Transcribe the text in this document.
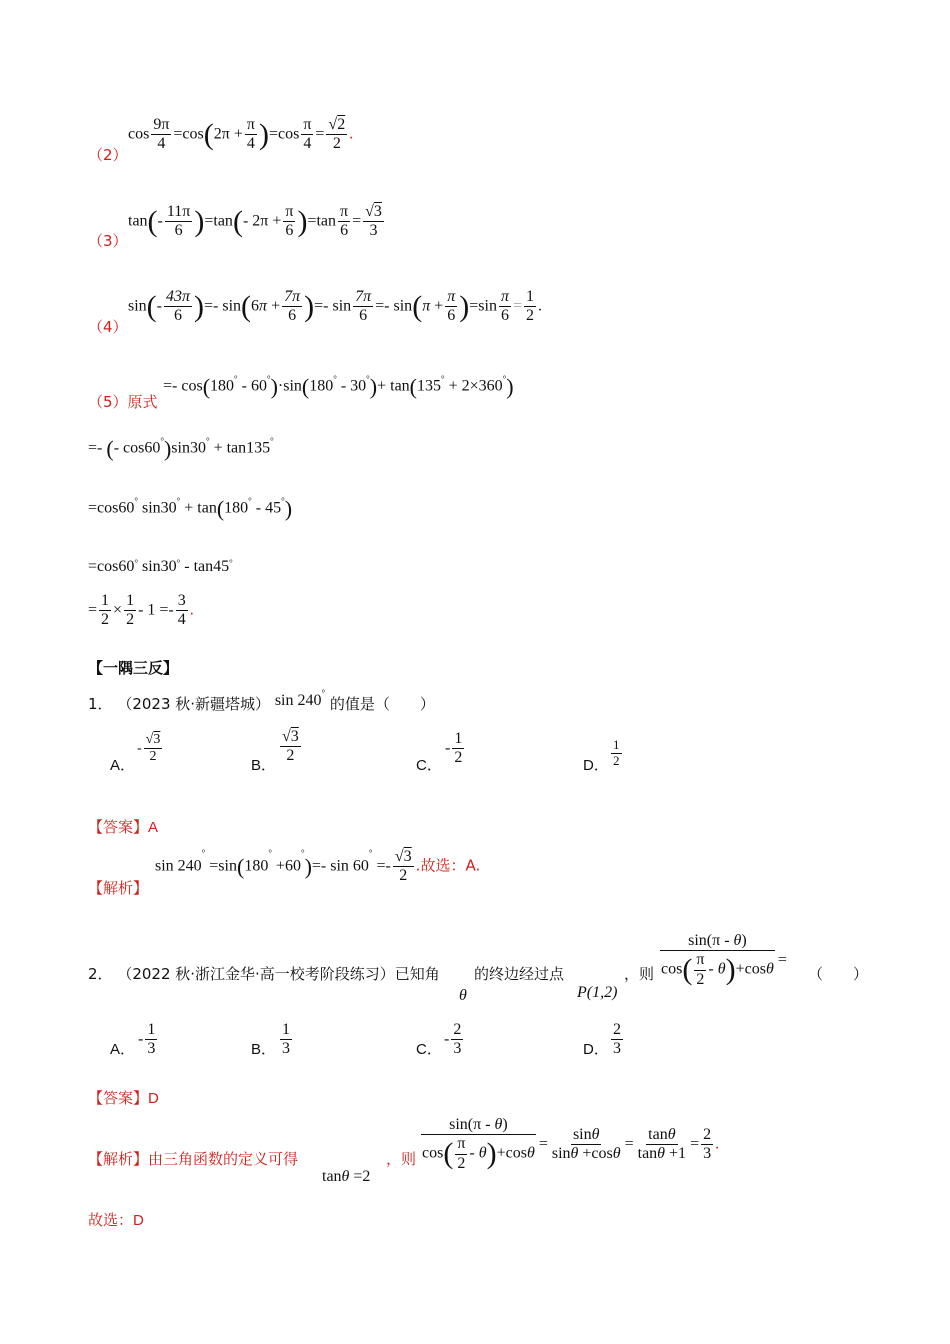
（2）
$\cos \frac{9\pi}{4} =\cos(2\pi + \frac{\pi}{4} )=\cos \frac{\pi}{4} = \frac{√2}{2}$ .
（3）
$\tan(- \frac{11\pi}{6} )=\tan(-$ $2\pi + \frac{\pi}{6} )=\tan \frac{\pi}{6} = \frac{√3}{3}$
（4）
$\sin(- \frac{43\pi}{6}$ )=- $\sin(6\pi + \frac{7\pi}{6}$ )=- $\sin \frac{7\pi}{6} =- \sin(\pi + \frac{\pi}{6} )=\sin \frac{\pi}{6} = \frac{1}{2}$ .
（5）原式
=- cos(180° - 60°)·sin(180° - 30°)+ tan(135° + 2×360°)
=- (- cos60°)sin30° + tan135°
=cos60° sin30° + tan(180° - 45°)
=cos60° sin30° - tan45°
= $\frac{1}{2} \times \frac{1}{2} - 1 =- \frac{3}{4}$ .
【一隅三反】
1． （2023 秋·新疆塔城） sin 240° 的值是（　　）
A．
- $\frac{√3}{2}$
B． $\frac{√3}{2}$	C．
- $\frac{1}{2}$	D． $\frac{1}{2}$
【答案】A
【解析】
sin 240° =sin(180° +60°)=- $\sin 60^\circ =- \frac{√3}{2}$ .故选：A.
2． （2022 秋·浙江金华·高一校考阶段练习）已知角
θ
的终边经过点
P(1,2)
，则 $\frac{\sin(\pi - \theta)}{\cos( \frac{\pi}{2} - \theta)+\cos\theta}$ =
（　　）
A．
- $\frac{1}{3}$	B． $\frac{1}{3}$	C．
- $\frac{2}{3}$	D． $\frac{2}{3}$
【答案】D
【解析】由三角函数的定义可得
tanθ =2
，则 $\frac{\sin(\pi - \theta)}{\cos( \frac{\pi}{2} - \theta)+\cos\theta} = \frac{\sin\theta}{\sin\theta +\cos\theta} = \frac{\tan\theta}{\tan\theta +1} = \frac{2}{3}$ .
故选：D
